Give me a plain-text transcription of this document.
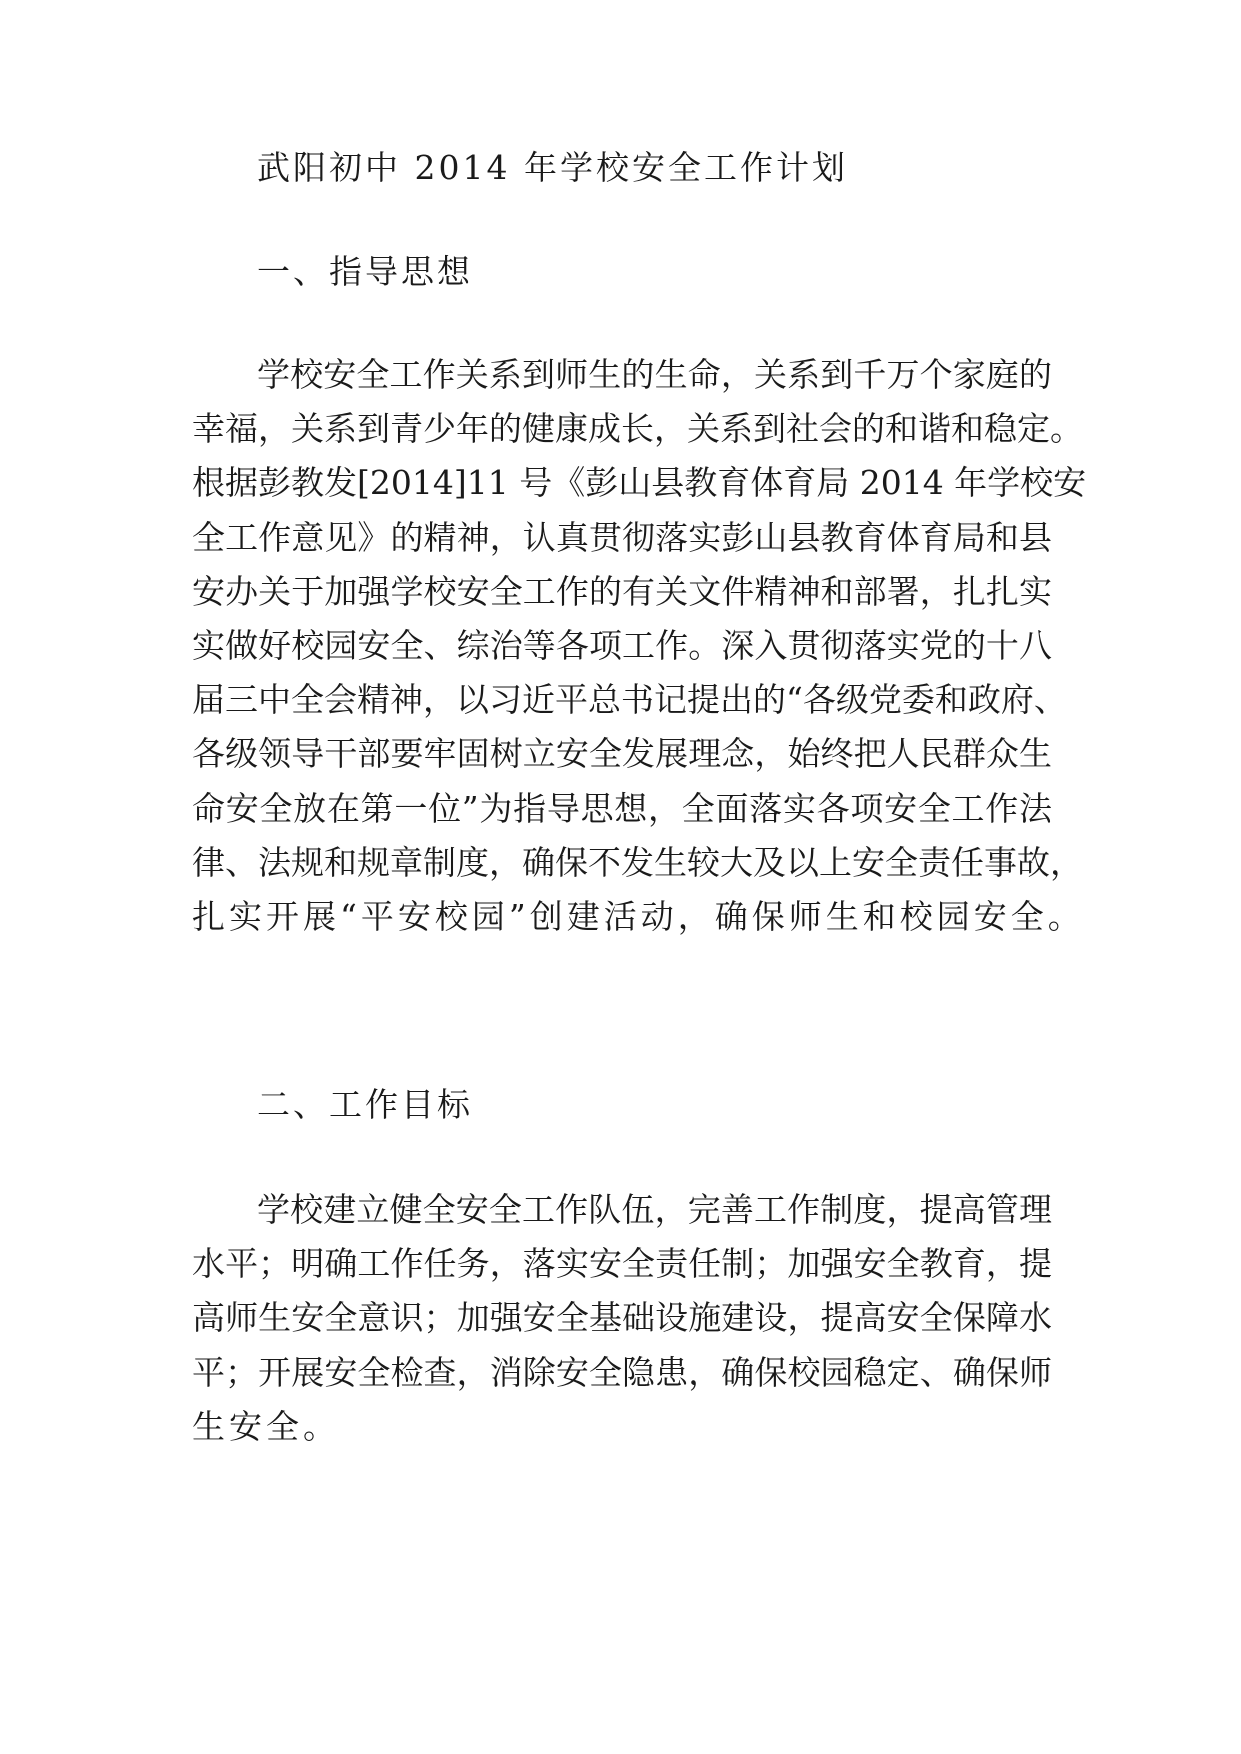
武阳初中 2014 年学校安全工作计划
一、指导思想
学校安全工作关系到师生的生命，关系到千万个家庭的
幸福，关系到青少年的健康成长，关系到社会的和谐和稳定。
根据彭教发[2014]11 号《彭山县教育体育局 2014 年学校安
全工作意见》的精神，认真贯彻落实彭山县教育体育局和县
安办关于加强学校安全工作的有关文件精神和部署，扎扎实
实做好校园安全、综治等各项工作。深入贯彻落实党的十八
届三中全会精神，以习近平总书记提出的“各级党委和政府、
各级领导干部要牢固树立安全发展理念，始终把人民群众生
命安全放在第一位”为指导思想，全面落实各项安全工作法
律、法规和规章制度，确保不发生较大及以上安全责任事故，
扎实开展“平安校园”创建活动，确保师生和校园安全。
二、工作目标
学校建立健全安全工作队伍，完善工作制度，提高管理
水平；明确工作任务，落实安全责任制；加强安全教育，提
高师生安全意识；加强安全基础设施建设，提高安全保障水
平；开展安全检查，消除安全隐患，确保校园稳定、确保师
生安全。
